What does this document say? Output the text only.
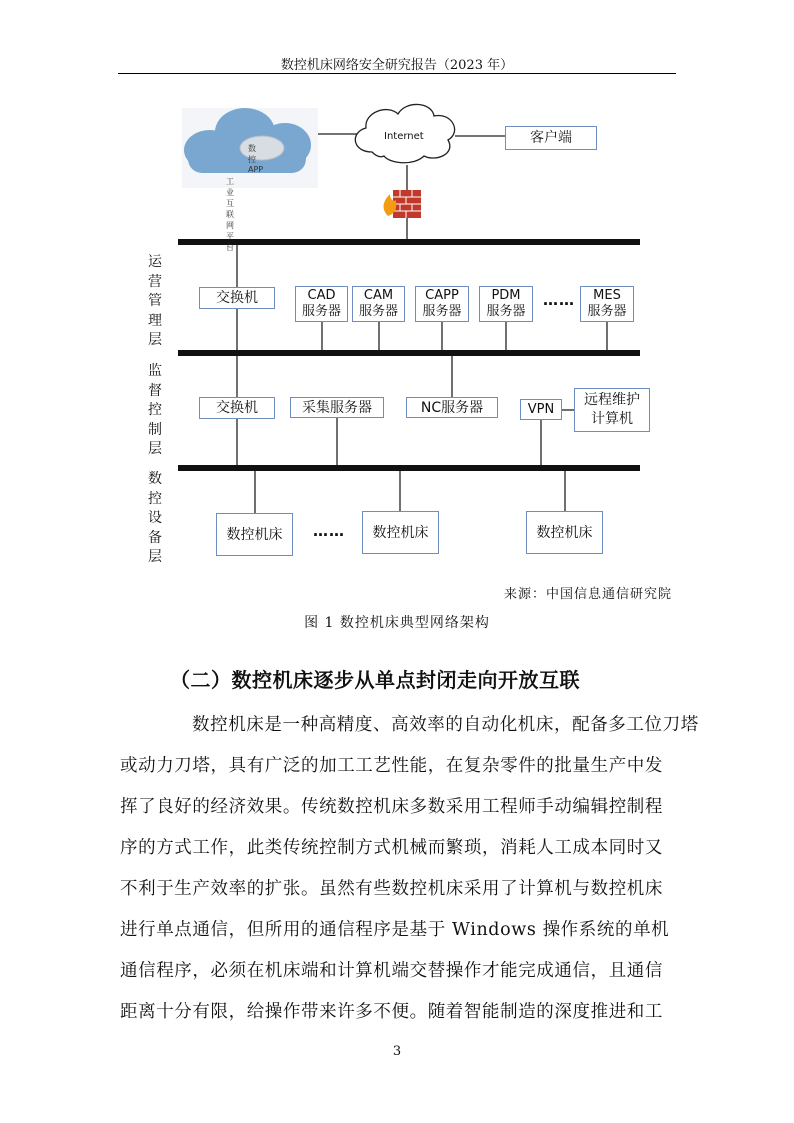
数控机床网络安全研究报告（2023 年）
数控APP
工业互联网平台
Internet	客户端
运
营
管
理
层
监
督
控
制
层
数
控
设
备
层
交换机	CAD
服务器
CAM
服务器
CAPP
服务器
PDM
服务器
…… MES
服务器
交换机	采集服务器	NC服务器	VPN
远程维护
计算机
数控机床	……	数控机床	数控机床
来源：中国信息通信研究院
图 1 数控机床典型网络架构
（二）数控机床逐步从单点封闭走向开放互联
数控机床是一种高精度、高效率的自动化机床，配备多工位刀塔
或动力刀塔，具有广泛的加工工艺性能，在复杂零件的批量生产中发
挥了良好的经济效果。传统数控机床多数采用工程师手动编辑控制程
序的方式工作，此类传统控制方式机械而繁琐，消耗人工成本同时又
不利于生产效率的扩张。虽然有些数控机床采用了计算机与数控机床
进行单点通信，但所用的通信程序是基于 Windows 操作系统的单机
通信程序，必须在机床端和计算机端交替操作才能完成通信，且通信
距离十分有限，给操作带来许多不便。随着智能制造的深度推进和工
3
